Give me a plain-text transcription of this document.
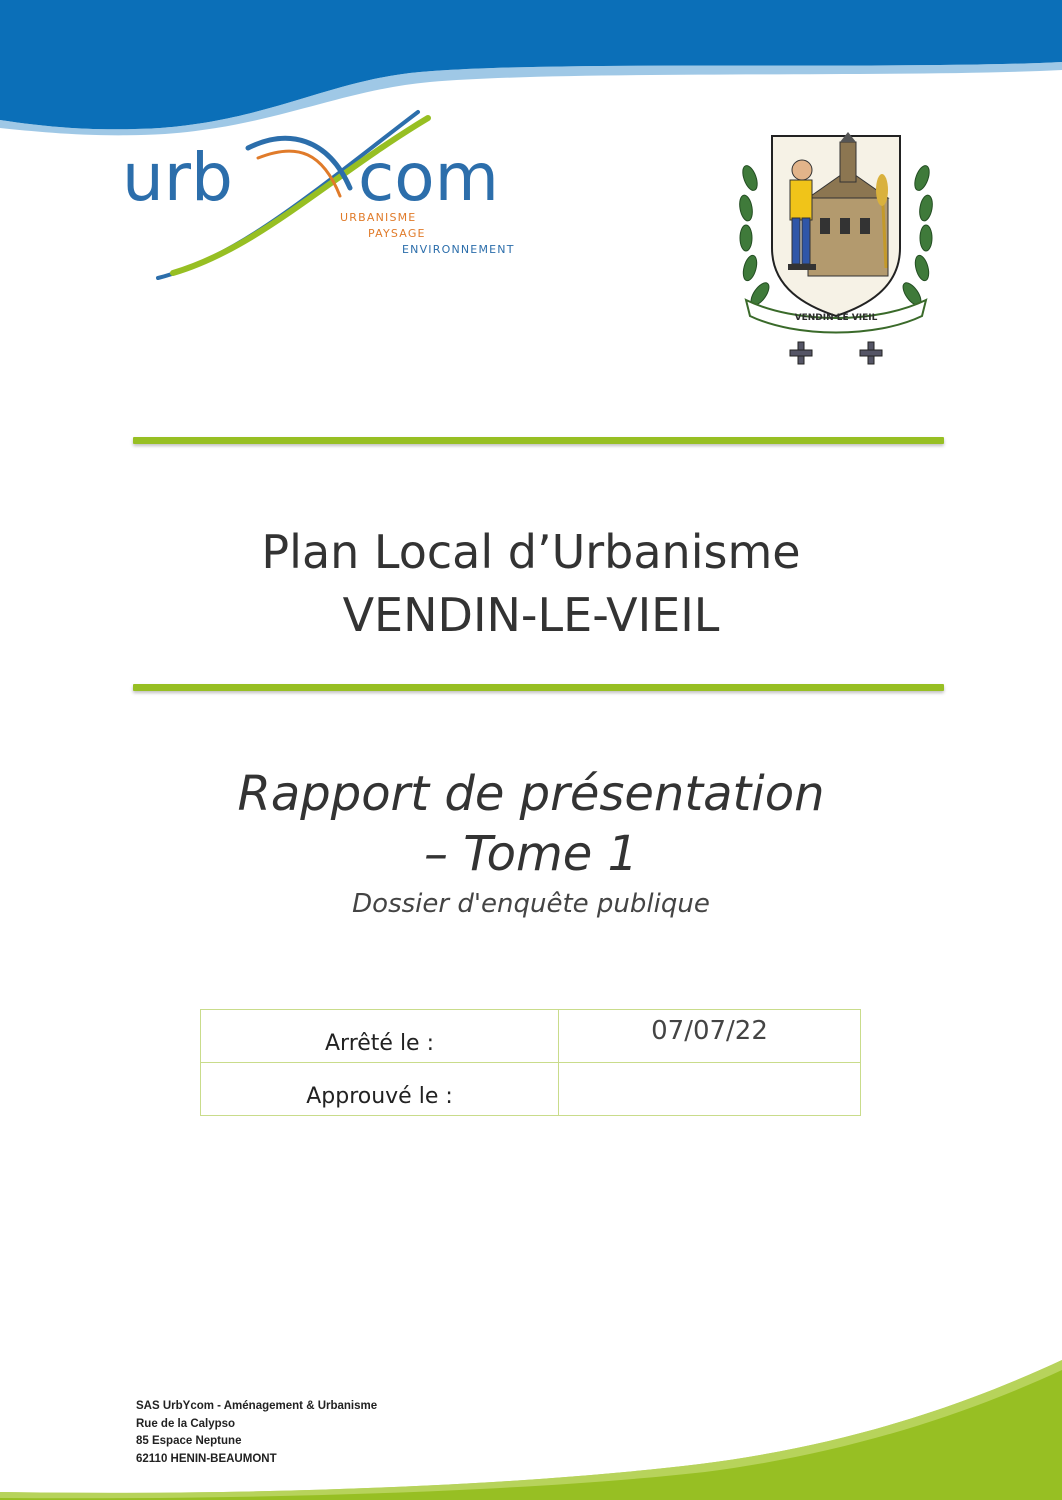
urb com
URBANISME
PAYSAGE
ENVIRONNEMENT
VENDIN LE VIEIL
Plan Local d’Urbanisme
VENDIN-LE-VIEIL
Rapport de présentation
– Tome 1
Dossier d'enquête publique
Arrêté le :	07/07/22
Approuvé le :	
SAS UrbYcom - Aménagement & Urbanisme
Rue de la Calypso
85 Espace Neptune
62110 HENIN-BEAUMONT
